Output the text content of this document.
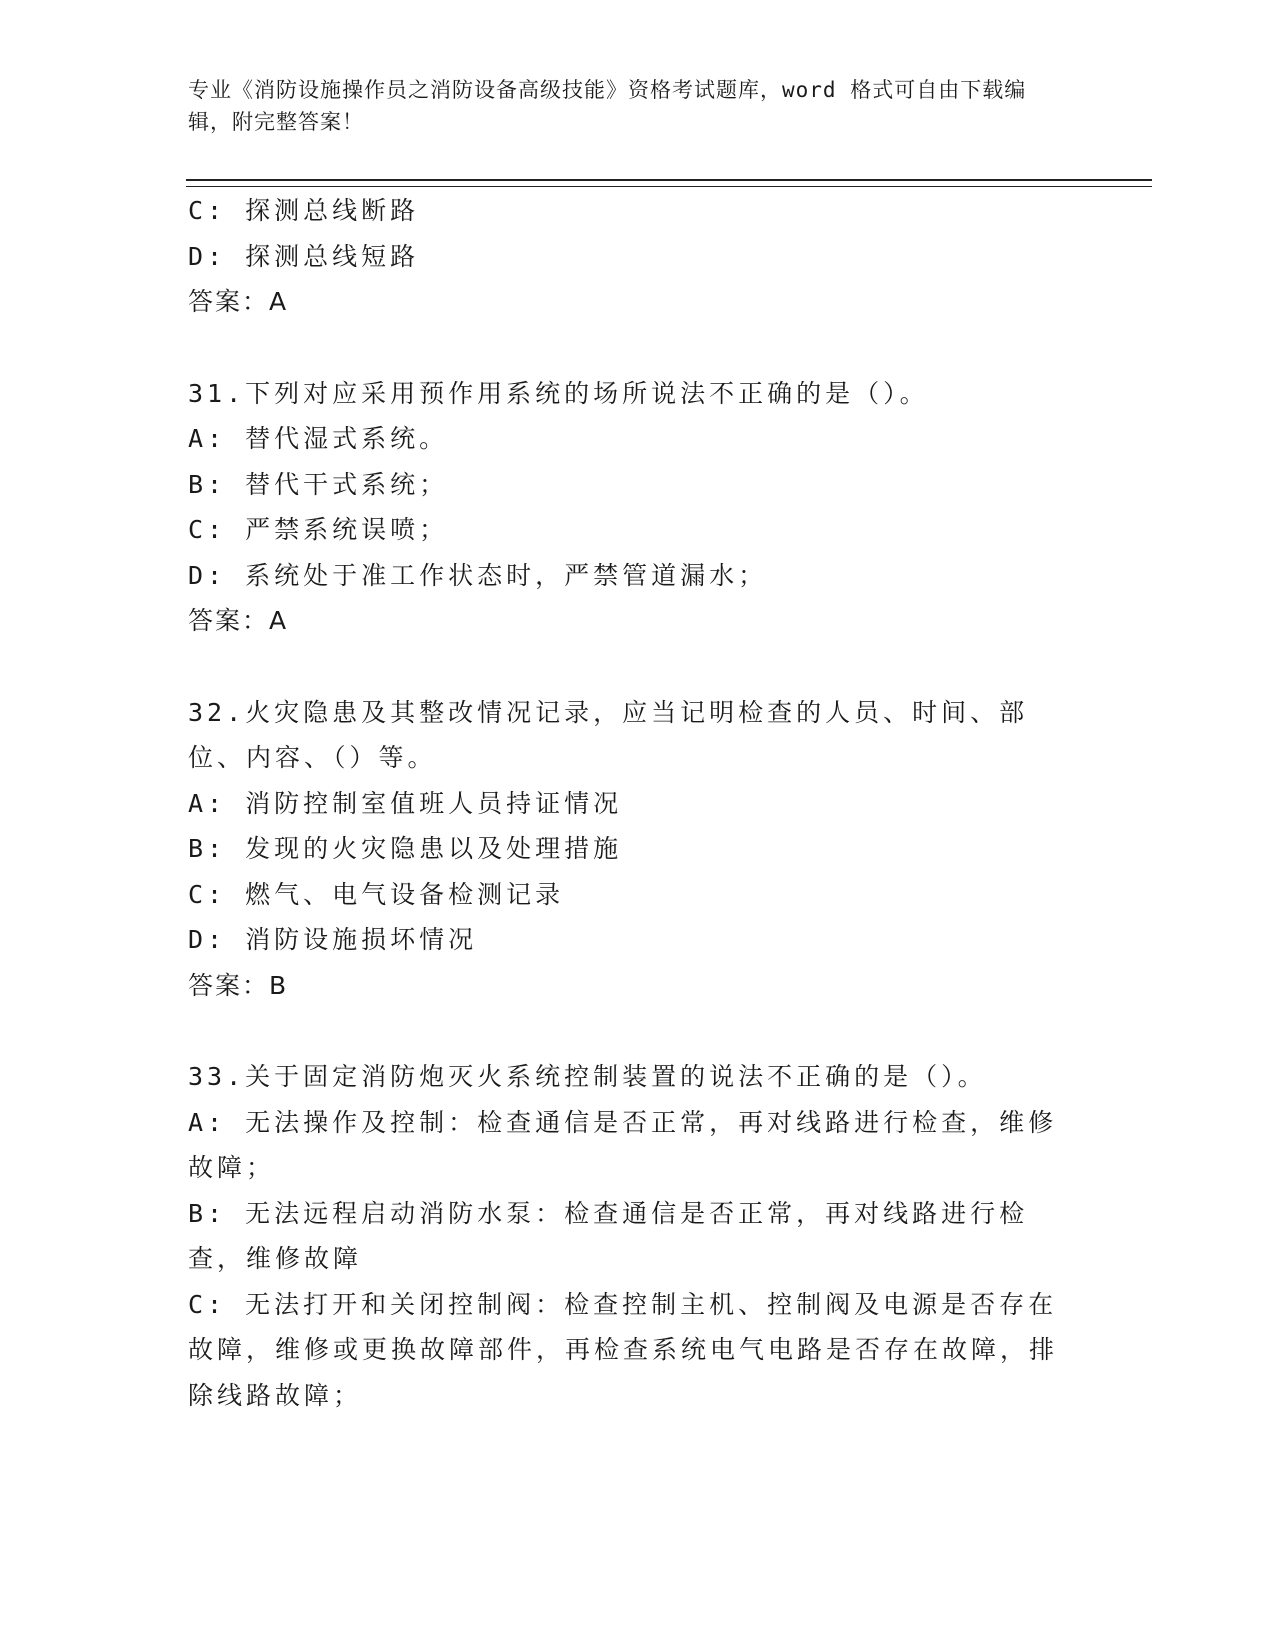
专业《消防设施操作员之消防设备高级技能》资格考试题库，word 格式可自由下载编辑，附完整答案！

C: 探测总线断路

D: 探测总线短路

答案：A

31.下列对应采用预作用系统的场所说法不正确的是（）。

A: 替代湿式系统。

B: 替代干式系统；

C: 严禁系统误喷；

D: 系统处于准工作状态时，严禁管道漏水；

答案：A

32.火灾隐患及其整改情况记录，应当记明检查的人员、时间、部位、内容、（）等。

A: 消防控制室值班人员持证情况

B: 发现的火灾隐患以及处理措施

C: 燃气、电气设备检测记录

D: 消防设施损坏情况

答案：B

33.关于固定消防炮灭火系统控制装置的说法不正确的是（）。

A: 无法操作及控制：检查通信是否正常，再对线路进行检查，维修故障；

B: 无法远程启动消防水泵：检查通信是否正常，再对线路进行检查，维修故障

C: 无法打开和关闭控制阀：检查控制主机、控制阀及电源是否存在故障，维修或更换故障部件，再检查系统电气电路是否存在故障，排除线路故障；
